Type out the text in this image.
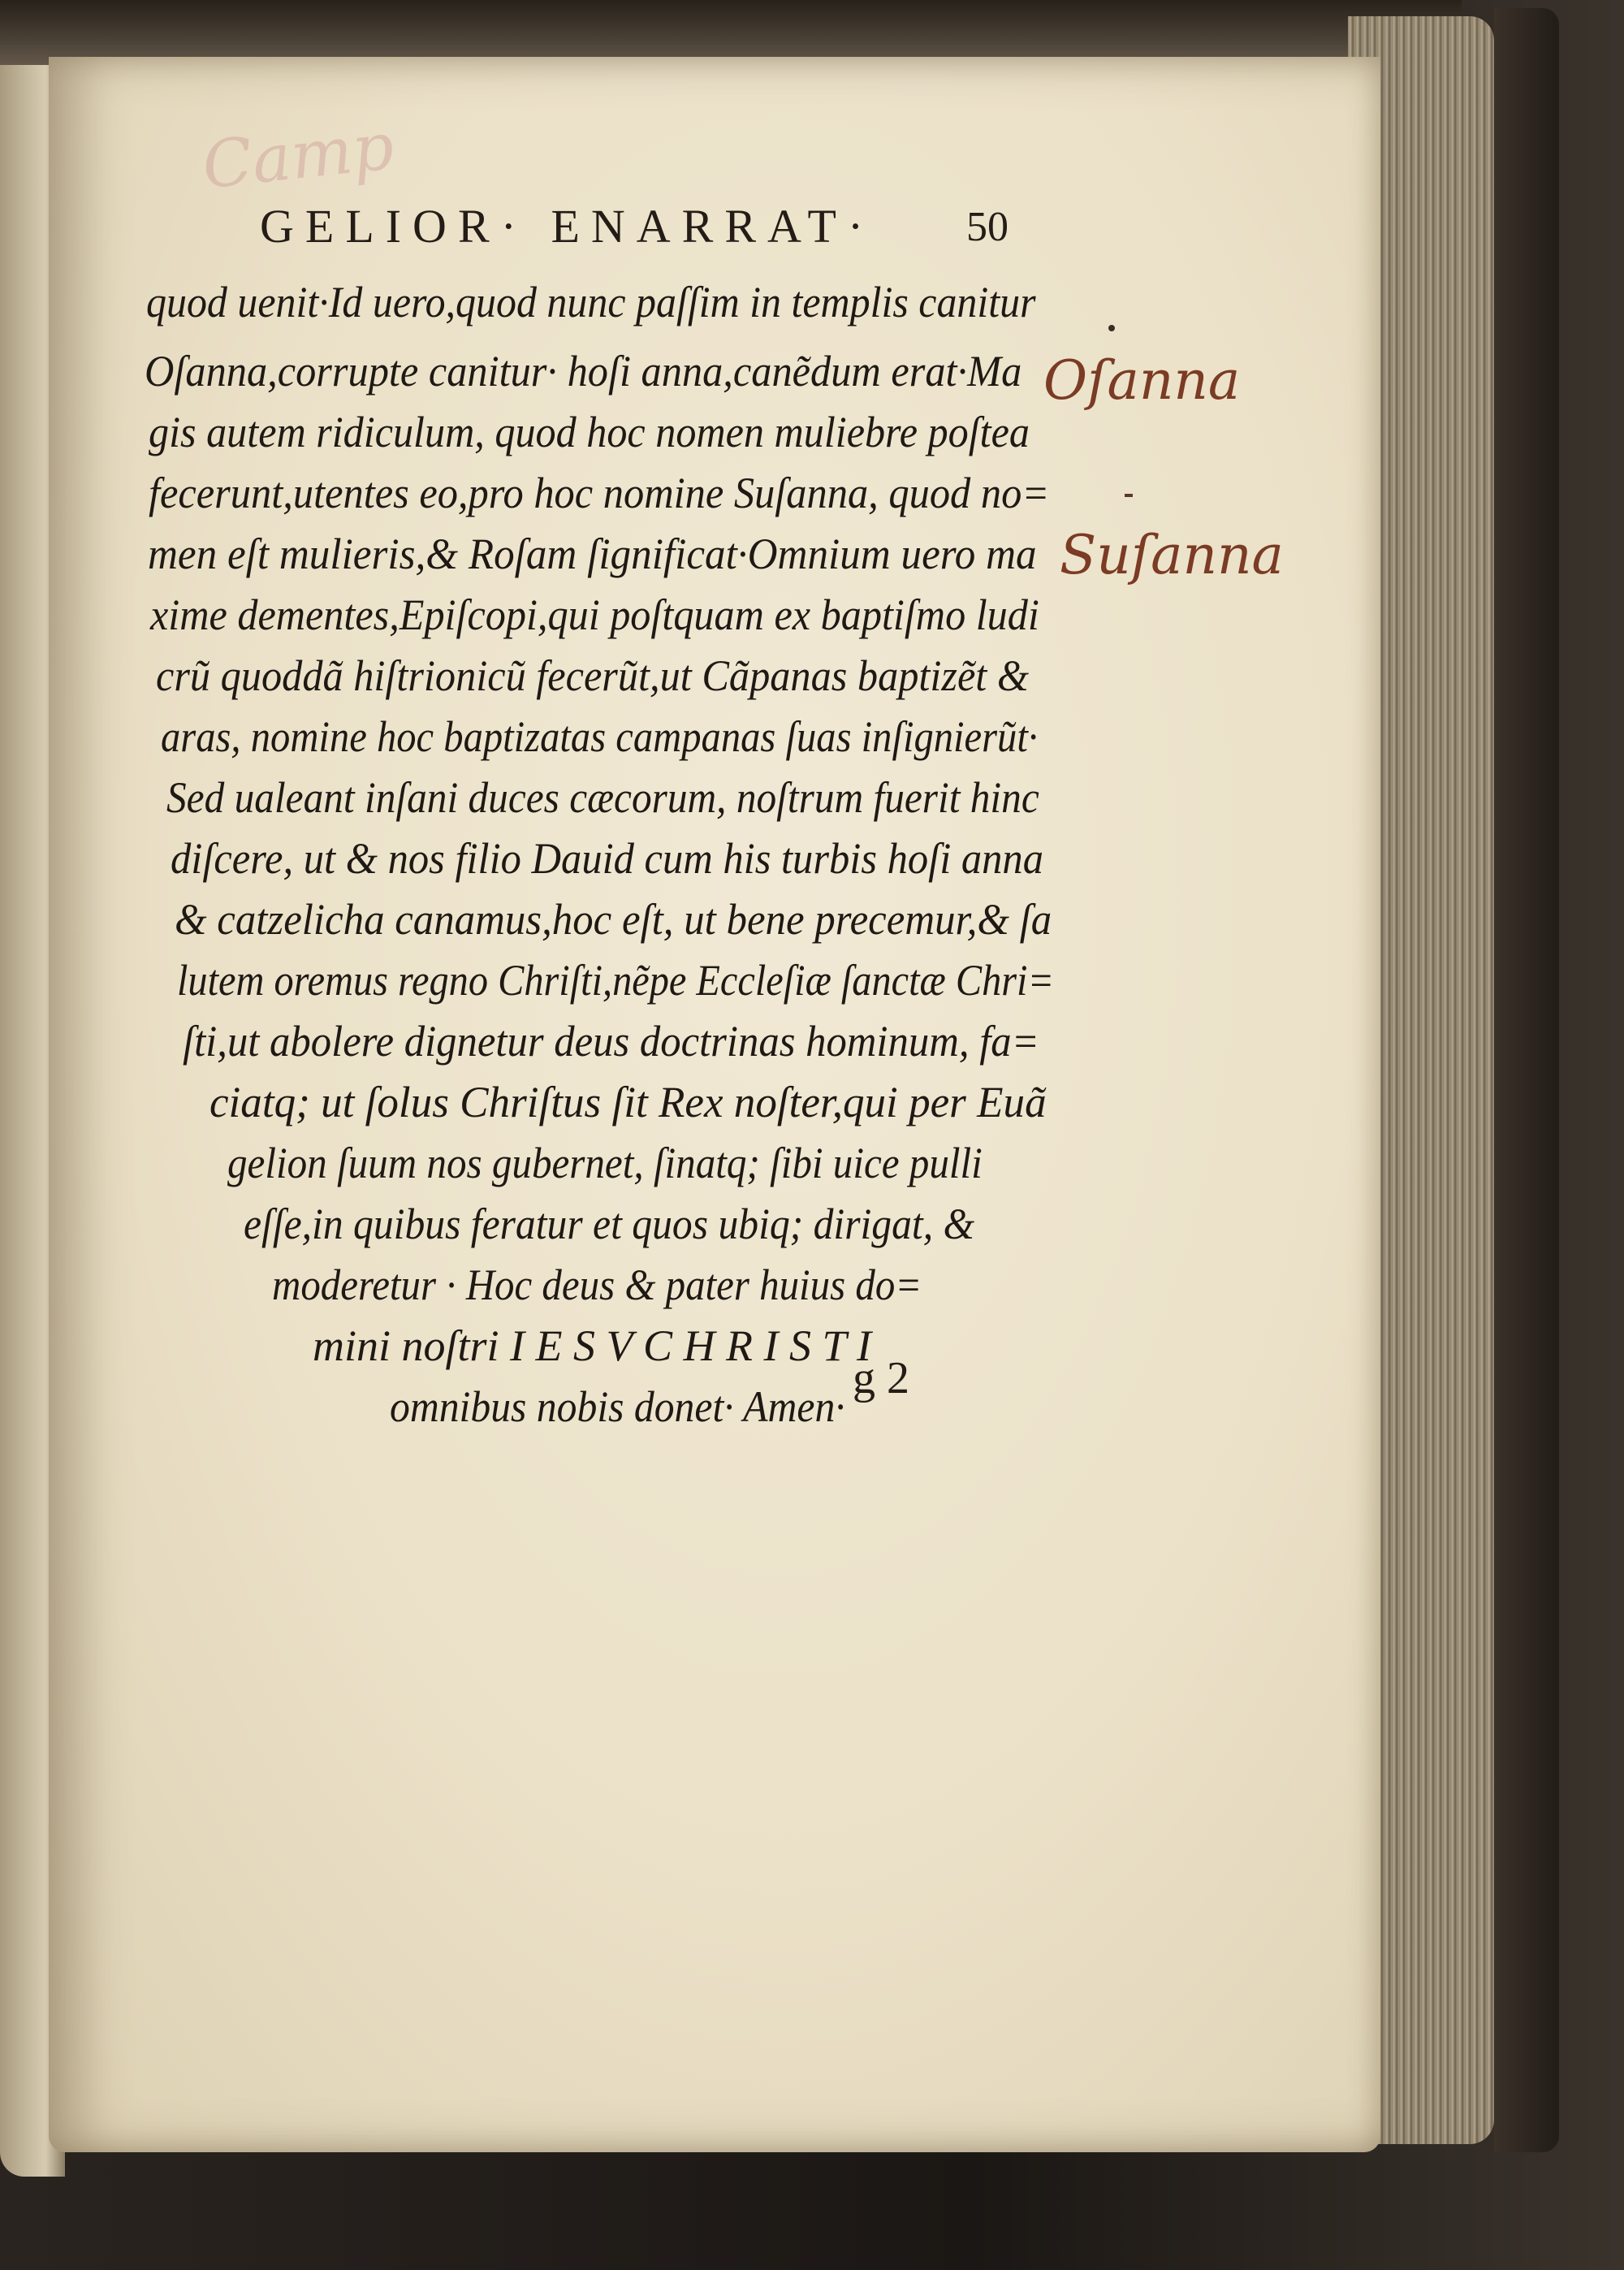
Camp
GELIOR· ENARRAT·	50
quod uenit·Id uero,quod nunc paſſim in templis canitur
Oſanna,corrupte canitur· hoſi anna,canẽdum erat·Ma
gis autem ridiculum, quod hoc nomen muliebre poſtea
fecerunt,utentes eo,pro hoc nomine Suſanna, quod no=
men eſt mulieris,& Roſam ſignificat·Omnium uero ma
xime dementes,Epiſcopi,qui poſtquam ex baptiſmo ludi
crũ quoddã hiſtrionicũ fecerũt,ut Cãpanas baptizẽt &
aras, nomine hoc baptizatas campanas ſuas inſignierũt·
Sed ualeant inſani duces cæcorum, noſtrum fuerit hinc
diſcere, ut & nos filio Dauid cum his turbis hoſi anna
& catzelicha canamus,hoc eſt, ut bene precemur,& ſa
lutem oremus regno Chriſti,nẽpe Eccleſiæ ſanctæ Chri=
ſti,ut abolere dignetur deus doctrinas hominum, fa=
ciatq; ut ſolus Chriſtus ſit Rex noſter,qui per Euã
gelion ſuum nos gubernet, ſinatq; ſibi uice pulli
eſſe,in quibus feratur et quos ubiq; dirigat, &
moderetur · Hoc deus & pater huius do=
mini noſtri I E S V C H R I S T I
omnibus nobis donet· Amen·
Oſanna
Suſanna
g 2
